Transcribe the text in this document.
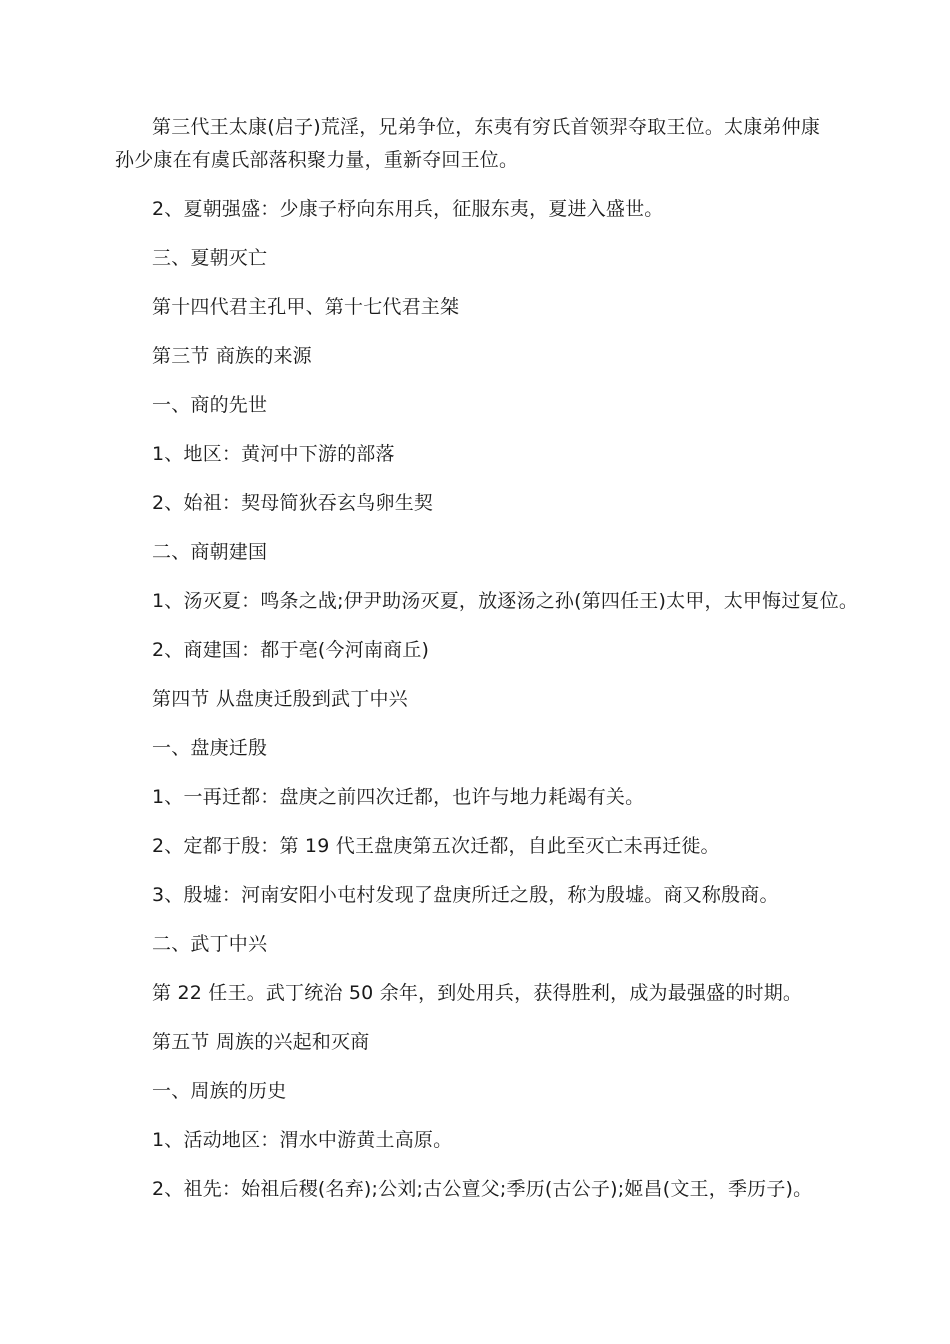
第三代王太康(启子)荒淫，兄弟争位，东夷有穷氏首领羿夺取王位。太康弟仲康
孙少康在有虞氏部落积聚力量，重新夺回王位。
2、夏朝强盛：少康子杼向东用兵，征服东夷，夏进入盛世。
三、夏朝灭亡
第十四代君主孔甲、第十七代君主桀
第三节 商族的来源
一、商的先世
1、地区：黄河中下游的部落
2、始祖：契母简狄吞玄鸟卵生契
二、商朝建国
1、汤灭夏：鸣条之战;伊尹助汤灭夏，放逐汤之孙(第四任王)太甲，太甲悔过复位。
2、商建国：都于亳(今河南商丘)
第四节 从盘庚迁殷到武丁中兴
一、盘庚迁殷
1、一再迁都：盘庚之前四次迁都，也许与地力耗竭有关。
2、定都于殷：第 19 代王盘庚第五次迁都，自此至灭亡未再迁徙。
3、殷墟：河南安阳小屯村发现了盘庚所迁之殷，称为殷墟。商又称殷商。
二、武丁中兴
第 22 任王。武丁统治 50 余年，到处用兵，获得胜利，成为最强盛的时期。
第五节 周族的兴起和灭商
一、周族的历史
1、活动地区：渭水中游黄土高原。
2、祖先：始祖后稷(名弃);公刘;古公亶父;季历(古公子);姬昌(文王，季历子)。
